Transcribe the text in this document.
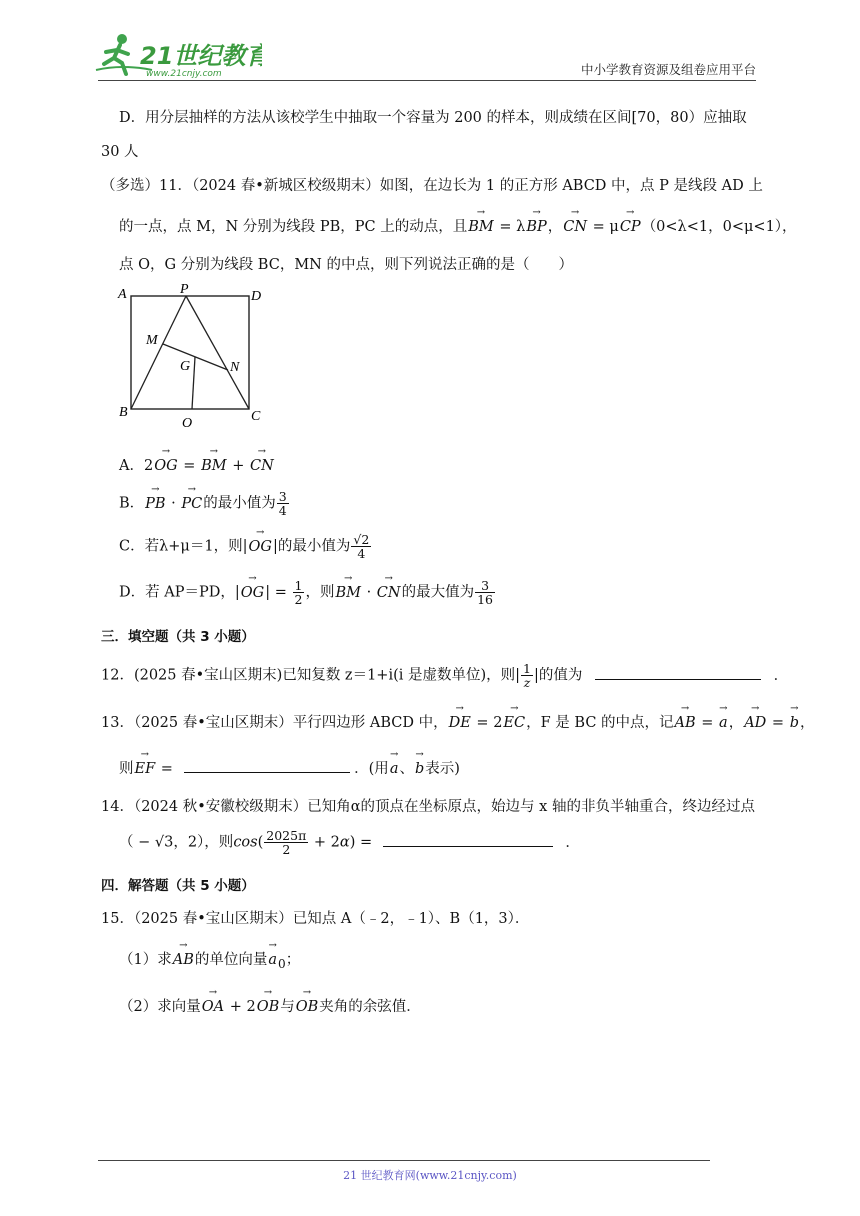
21世纪教育
www.21cnjy.com	中小学教育资源及组卷应用平台
D．用分层抽样的方法从该校学生中抽取一个容量为 200 的样本，则成绩在区间[70，80）应抽取
30 人
（多选）11．（2024 春•新城区校级期末）如图，在边长为 1 的正方形 ABCD 中，点 P 是线段 AD 上
的一点，点 M，N 分别为线段 PB，PC 上的动点，且→ BM = λ→ BP，→ CN = μ→ CP（0<λ<1，0<μ<1），
点 O，G 分别为线段 BC，MN 的中点，则下列说法正确的是（　　）
A	P	D
M
G	N
B
O	C
A．2→ OG = → BM + → CN
B．→ PB · → PC的最小值为 $\frac{3}{4}$
C．若λ+μ＝1，则|→ OG|的最小值为 $\frac{√2}{4}$
D．若 AP＝PD，|→ $OG| = \frac{1}{2}$ ，则→ BM · → CN的最大值为 $\frac{3}{16}$
三．填空题（共 3 小题）
12．(2025 春•宝山区期末)已知复数 z＝1+i(i 是虚数单位)，则| $\frac{1}{z}$ |的值为	．
13．（2025 春•宝山区期末）平行四边形 ABCD 中，→ DE = 2→ EC，F 是 BC 的中点，记→ AB = → a，→ AD = → b，
则→ EF =	．(用→ a、→ b表示)
14．（2024 秋•安徽校级期末）已知角α的顶点在坐标原点，始边与 x 轴的非负半轴重合，终边经过点
（ − √3，2），则$\cos( \frac{2025\pi}{2} + 2\alpha)$ =	．
四．解答题（共 5 小题）
15．（2025 春•宝山区期末）已知点 A（﹣2，﹣1）、B（1，3）．
（1）求→ AB的单位向量→ $a_0$；
（2）求向量→ OA + 2→ OB与→ OB夹角的余弦值．
21 世纪教育网(www.21cnjy.com)
